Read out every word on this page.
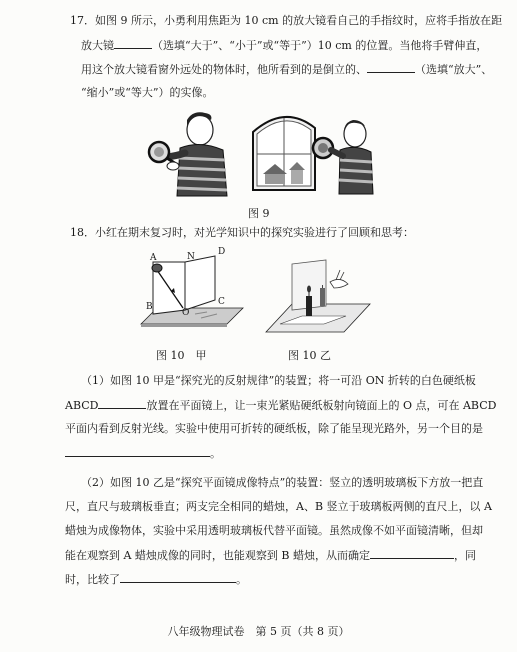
17．如图 9 所示，小勇利用焦距为 10 cm 的放大镜看自己的手指纹时，应将手指放在距
放大镜	（选填“大于”、“小于”或“等于”）10 cm 的位置。当他将手臂伸直，
用这个放大镜看窗外远处的物体时，他所看到的是倒立的、	（选填“放大”、
“缩小”或“等大”）的实像。
图 9
18．小红在期末复习时，对光学知识中的探究实验进行了回顾和思考：
A	N	D
B
O
C
图 10　甲	图 10 乙
（1）如图 10 甲是“探究光的反射规律”的装置；将一可沿 ON 折转的白色硬纸板
ABCD	放置在平面镜上，让一束光紧贴硬纸板射向镜面上的 O 点，可在 ABCD
平面内看到反射光线。实验中使用可折转的硬纸板，除了能呈现光路外，另一个目的是
。
（2）如图 10 乙是“探究平面镜成像特点”的装置：竖立的透明玻璃板下方放一把直
尺，直尺与玻璃板垂直；两支完全相同的蜡烛，A、B 竖立于玻璃板两侧的直尺上，以 A
蜡烛为成像物体，实验中采用透明玻璃板代替平面镜。虽然成像不如平面镜清晰，但却
能在观察到 A 蜡烛成像的同时，也能观察到 B 蜡烛，从而确定	，同
时，比较了	。
八年级物理试卷　第 5 页（共 8 页）
